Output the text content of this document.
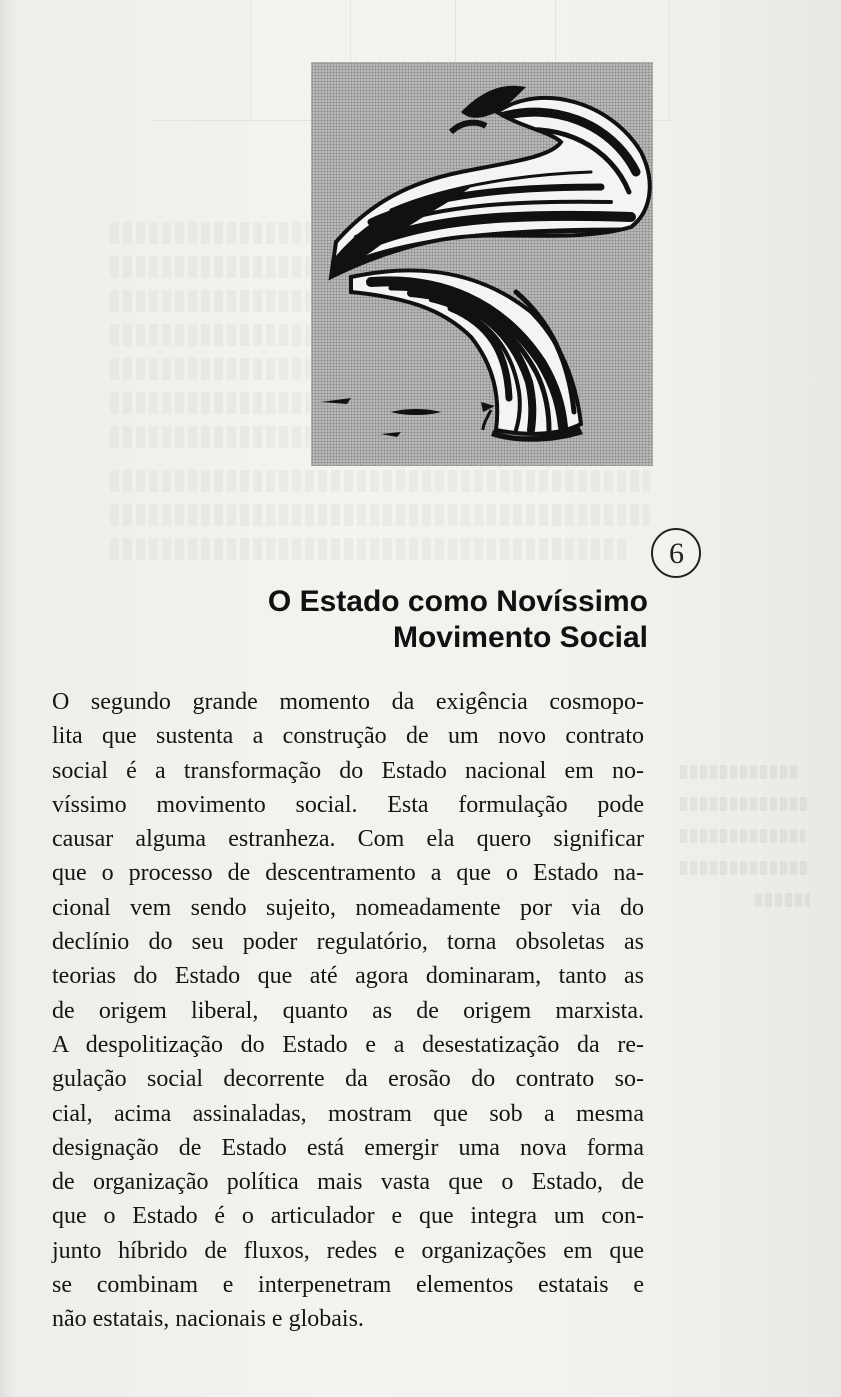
6
O Estado como Novíssimo
Movimento Social

O segundo grande momento da exigência cosmopo-
lita que sustenta a construção de um novo contrato
social é a transformação do Estado nacional em no-
víssimo movimento social. Esta formulação pode
causar alguma estranheza. Com ela quero significar
que o processo de descentramento a que o Estado na-
cional vem sendo sujeito, nomeadamente por via do
declínio do seu poder regulatório, torna obsoletas as
teorias do Estado que até agora dominaram, tanto as
de origem liberal, quanto as de origem marxista.
A despolitização do Estado e a desestatização da re-
gulação social decorrente da erosão do contrato so-
cial, acima assinaladas, mostram que sob a mesma
designação de Estado está emergir uma nova forma
de organização política mais vasta que o Estado, de
que o Estado é o articulador e que integra um con-
junto híbrido de fluxos, redes e organizações em que
se combinam e interpenetram elementos estatais e
não estatais, nacionais e globais.
